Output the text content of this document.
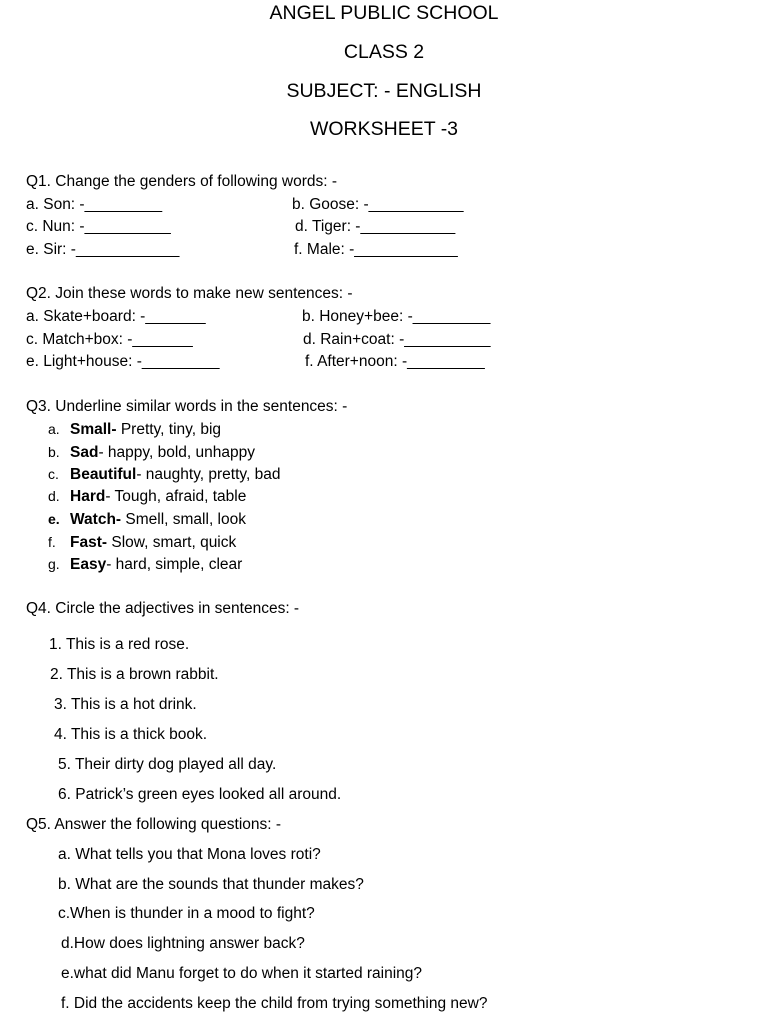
ANGEL PUBLIC SCHOOL
CLASS 2
SUBJECT: - ENGLISH
WORKSHEET -3
Q1. Change the genders of following words: -
a. Son: -_________	b. Goose: -___________
c. Nun: -__________	d. Tiger: -___________
e. Sir: -____________	f. Male: -____________
Q2. Join these words to make new sentences: -
a. Skate+board: -_______	b. Honey+bee: -_________
c. Match+box: -_______	d. Rain+coat: -__________
e. Light+house: -_________	f. After+noon: -_________
Q3. Underline similar words in the sentences: -
a. Small- Pretty, tiny, big
b. Sad- happy, bold, unhappy
c. Beautiful- naughty, pretty, bad
d. Hard- Tough, afraid, table
e. Watch- Smell, small, look
f. Fast- Slow, smart, quick
g. Easy- hard, simple, clear
Q4. Circle the adjectives in sentences: -
1. This is a red rose.
2. This is a brown rabbit.
3. This is a hot drink.
4. This is a thick book.
5. Their dirty dog played all day.
6. Patrick’s green eyes looked all around.
Q5. Answer the following questions: -
a. What tells you that Mona loves roti?
b. What are the sounds that thunder makes?
c.When is thunder in a mood to fight?
d.How does lightning answer back?
e.what did Manu forget to do when it started raining?
f. Did the accidents keep the child from trying something new?
